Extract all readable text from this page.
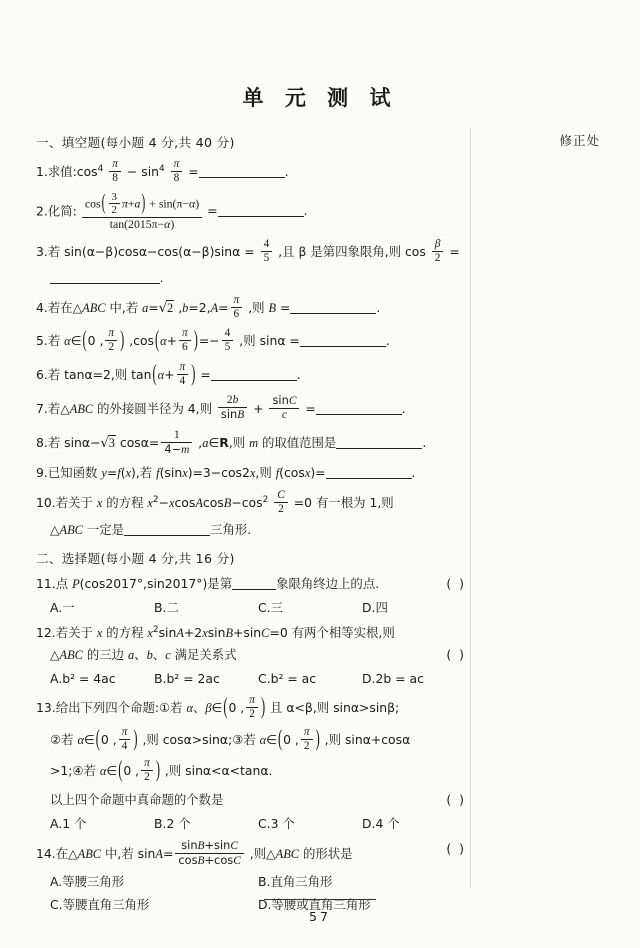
单 元 测 试
修正处
一、填空题(每小题 4 分,共 40 分)
1.求值$:\cos^4 \frac{\pi}{8} - \sin^4 \frac{\pi}{8}$ =	.
2.化简: $\frac{\cos( \frac{3}{2} \pi+a) + \sin(\pi-\alpha)}{\tan(2015\pi-\alpha)}$ =	.
3.若 $\sin(\alpha-\beta)\cos\alpha-\cos(\alpha-\beta)\sin\alpha = \frac{4}{5}$ ,且 β 是第四象限角,则 $\cos \frac{\beta}{2}$ =
.
4.若在△ABC 中,若 a=√2 $,b=2,A= \frac{\pi}{6}$ ,则 B =	.
5.若 α∈(0 , $\frac{\pi}{2}$ ) $,\cos(\alpha+ \frac{\pi}{6}$ )=− $\frac{4}{5}$ ,则 sinα =	.
6.若 tanα=2,则 $\tan(\alpha+ \frac{\pi}{4}$ ) =	.
7.若△ABC 的外接圆半径为 4,则 $\frac{2b}{\sin B} + \frac{\sin C}{c}$ =	.
8.若 sinα−√3 $\cos\alpha= \frac{1}{4-m}$ ,a∈R,则 m 的取值范围是	.
9.已知函数 y=f(x),若 f(sinx)=3−cos2x,则 f(cosx)=	.
10.若关于 x 的方程 $x^2-xcosAcosB-\cos^2 \frac{C}{2} =0$ 有一根为 1,则
△ABC 一定是	三角形.
二、选择题(每小题 4 分,共 16 分)
( )
11.点 P(cos2017°,sin2017°)是第	象限角终边上的点.
A.一	B.二	C.三	D.四
12.若关于 x 的方程 $x^2\sin A+2xsinB+\sin C=0$ 有两个相等实根,则
( )
△ABC 的三边 a、b、c 满足关系式
A.b² = 4ac	B.b² = 2ac	C.b² = ac	D.2b = ac
13.给出下列四个命题:①若 α、β∈(0 , $\frac{\pi}{2}$ ) 且 α<β,则 sinα>sinβ;
②若 α∈(0 , $\frac{\pi}{4}$ ) ,则 cosα>sinα;③若 α∈(0 , $\frac{\pi}{2}$ ) ,则 sinα+cosα
>1;④若 α∈(0 , $\frac{\pi}{2}$ ) ,则 sinα<α<tanα.
( )
以上四个命题中真命题的个数是
A.1 个	B.2 个	C.3 个	D.4 个
( )
14.在△ABC 中,若 $\sin A= \frac{\sin B+\sin C}{\cos B+\cos C}$ ,则△ABC 的形状是
A.等腰三角形	B.直角三角形
C.等腰直角三角形	D.等腰或直角三角形
57
